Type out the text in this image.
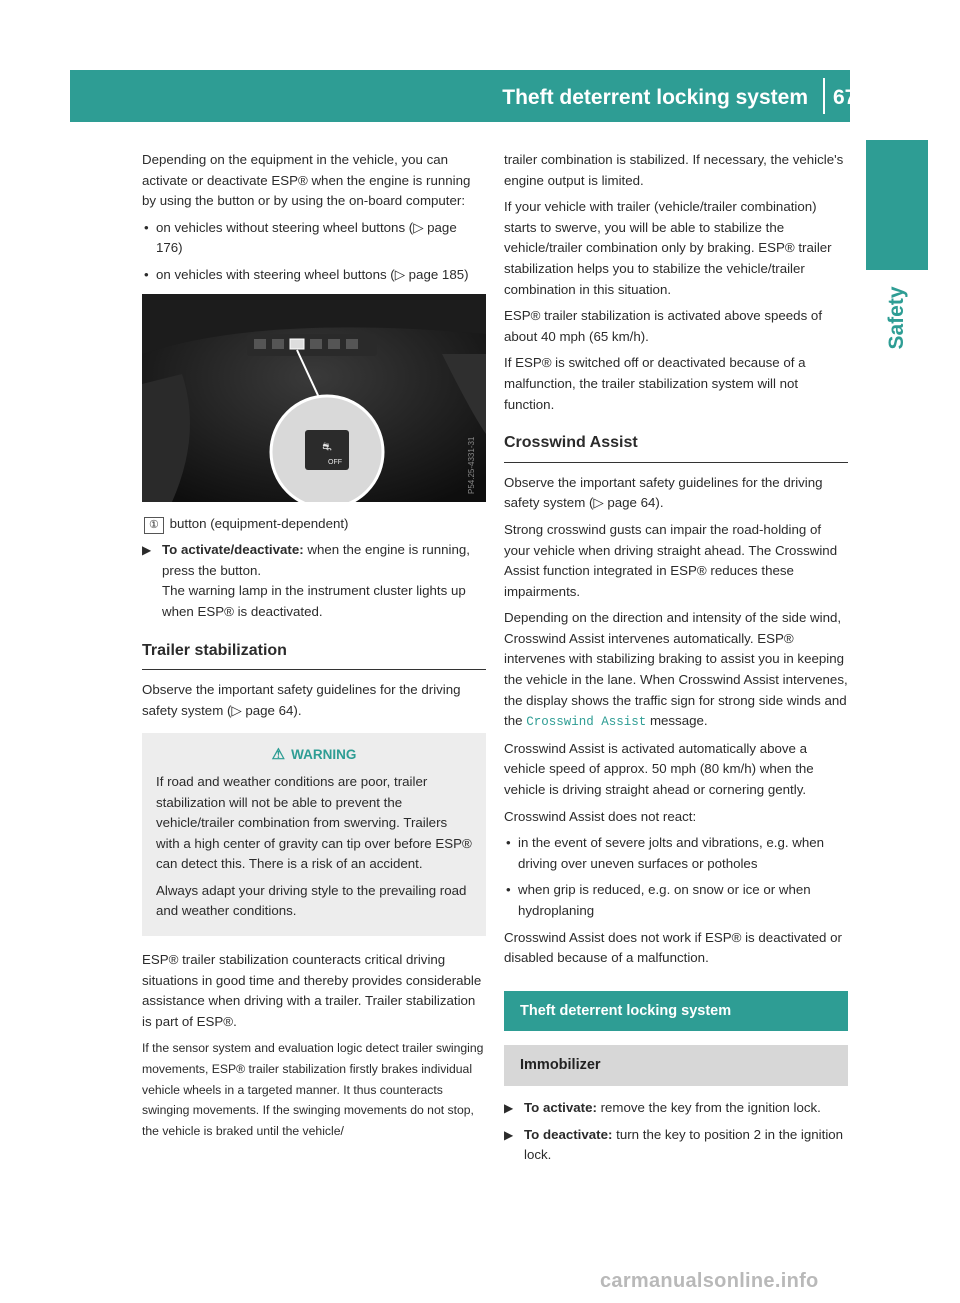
Theft deterrent locking system 67
Safety

Depending on the equipment in the vehicle, you can activate or deactivate ESP® when the engine is running by using the button or by using the on-board computer:

• on vehicles without steering wheel buttons (▷ page 176)
• on vehicles with steering wheel buttons (▷ page 185)
⛐
OFF	P54.25-4331-31

① button (equipment-dependent)

▶ To activate/deactivate: when the engine is running, press the button.
The warning lamp in the instrument cluster lights up when ESP® is deactivated.
Trailer stabilization

Observe the important safety guidelines for the driving safety system (▷ page 64).

⚠ WARNING

If road and weather conditions are poor, trailer stabilization will not be able to prevent the vehicle/trailer combination from swerving. Trailers with a high center of gravity can tip over before ESP® can detect this. There is a risk of an accident.

Always adapt your driving style to the prevailing road and weather conditions.

ESP® trailer stabilization counteracts critical driving situations in good time and thereby provides considerable assistance when driving with a trailer. Trailer stabilization is part of ESP®.

If the sensor system and evaluation logic detect trailer swinging movements, ESP® trailer stabilization firstly brakes individual vehicle wheels in a targeted manner. It thus counteracts swinging movements. If the swinging movements do not stop, the vehicle is braked until the vehicle/

trailer combination is stabilized. If necessary, the vehicle's engine output is limited.

If your vehicle with trailer (vehicle/trailer combination) starts to swerve, you will be able to stabilize the vehicle/trailer combination only by braking. ESP® trailer stabilization helps you to stabilize the vehicle/trailer combination in this situation.

ESP® trailer stabilization is activated above speeds of about 40 mph (65 km/h).

If ESP® is switched off or deactivated because of a malfunction, the trailer stabilization system will not function.

Crosswind Assist

Observe the important safety guidelines for the driving safety system (▷ page 64).

Strong crosswind gusts can impair the road-holding of your vehicle when driving straight ahead. The Crosswind Assist function integrated in ESP® reduces these impairments.

Depending on the direction and intensity of the side wind, Crosswind Assist intervenes automatically. ESP® intervenes with stabilizing braking to assist you in keeping the vehicle in the lane. When Crosswind Assist intervenes, the display shows the traffic sign for strong side winds and the Crosswind Assist message.

Crosswind Assist is activated automatically above a vehicle speed of approx. 50 mph (80 km/h) when the vehicle is driving straight ahead or cornering gently.

Crosswind Assist does not react:

• in the event of severe jolts and vibrations, e.g. when driving over uneven surfaces or potholes
• when grip is reduced, e.g. on snow or ice or when hydroplaning

Crosswind Assist does not work if ESP® is deactivated or disabled because of a malfunction.

Theft deterrent locking system
Immobilizer
▶ To activate: remove the key from the ignition lock.
▶ To deactivate: turn the key to position 2 in the ignition lock.
carmanualsonline.info
